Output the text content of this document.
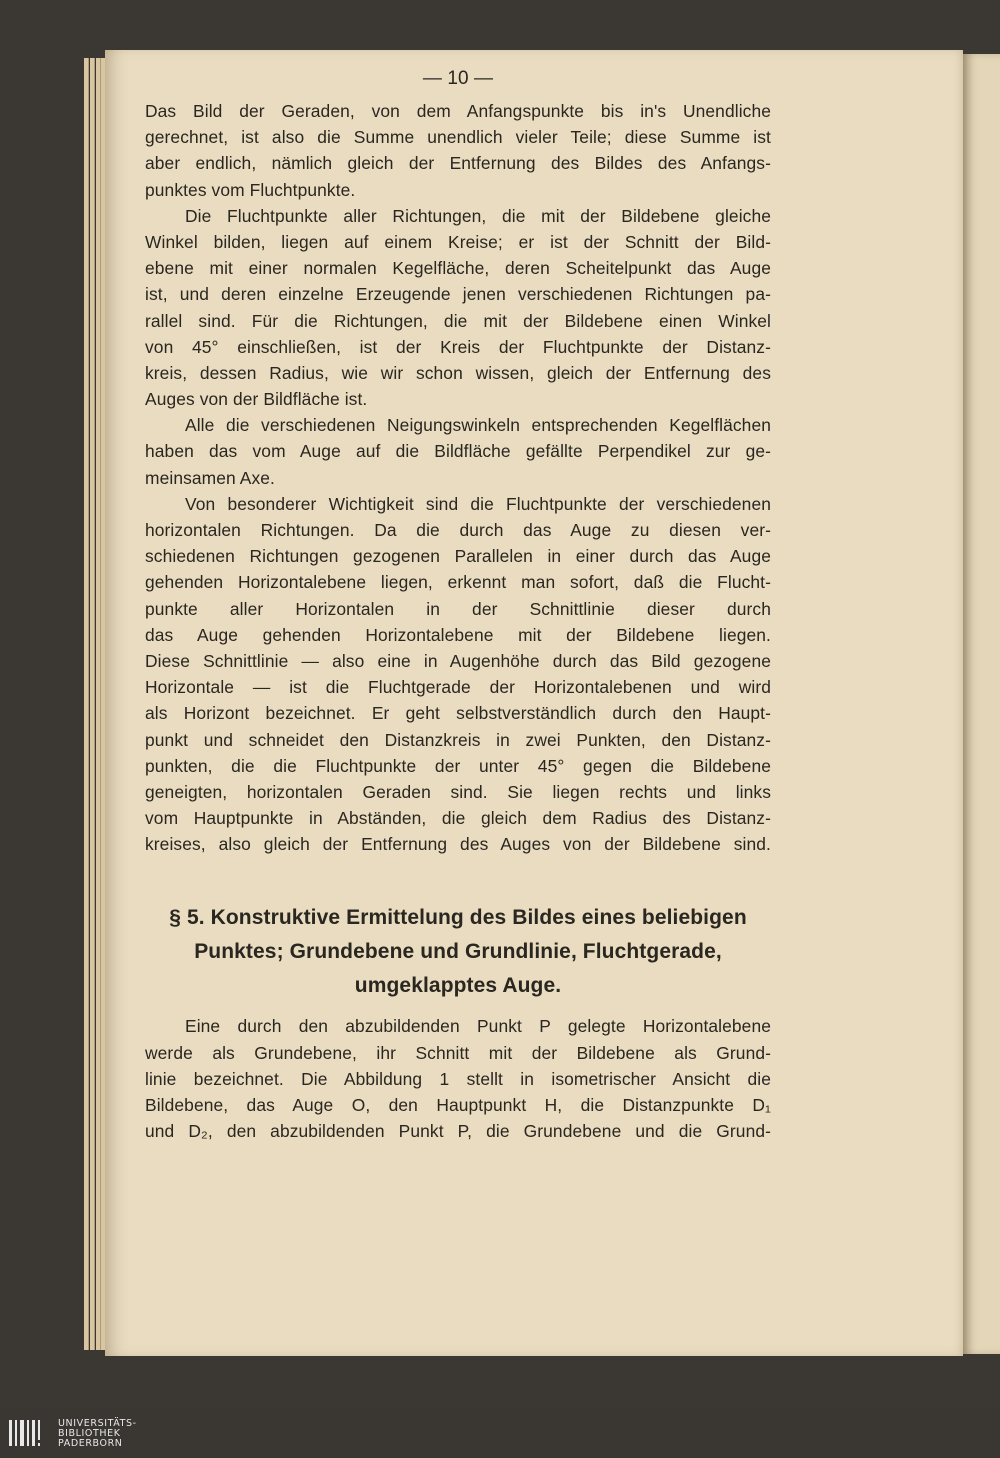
— 10 —
Das Bild der Geraden, von dem Anfangspunkte bis in's Unendliche
gerechnet, ist also die Summe unendlich vieler Teile; diese Summe ist
aber endlich, nämlich gleich der Entfernung des Bildes des Anfangs-
punktes vom Fluchtpunkte.
Die Fluchtpunkte aller Richtungen, die mit der Bildebene gleiche
Winkel bilden, liegen auf einem Kreise; er ist der Schnitt der Bild-
ebene mit einer normalen Kegelfläche, deren Scheitelpunkt das Auge
ist, und deren einzelne Erzeugende jenen verschiedenen Richtungen pa-
rallel sind. Für die Richtungen, die mit der Bildebene einen Winkel
von 45° einschließen, ist der Kreis der Fluchtpunkte der Distanz-
kreis, dessen Radius, wie wir schon wissen, gleich der Entfernung des
Auges von der Bildfläche ist.
Alle die verschiedenen Neigungswinkeln entsprechenden Kegelflächen
haben das vom Auge auf die Bildfläche gefällte Perpendikel zur ge-
meinsamen Axe.
Von besonderer Wichtigkeit sind die Fluchtpunkte der verschiedenen
horizontalen Richtungen. Da die durch das Auge zu diesen ver-
schiedenen Richtungen gezogenen Parallelen in einer durch das Auge
gehenden Horizontalebene liegen, erkennt man sofort, daß die Flucht-
punkte aller Horizontalen in der Schnittlinie dieser durch
das Auge gehenden Horizontalebene mit der Bildebene liegen.
Diese Schnittlinie — also eine in Augenhöhe durch das Bild gezogene
Horizontale — ist die Fluchtgerade der Horizontalebenen und wird
als Horizont bezeichnet. Er geht selbstverständlich durch den Haupt-
punkt und schneidet den Distanzkreis in zwei Punkten, den Distanz-
punkten, die die Fluchtpunkte der unter 45° gegen die Bildebene
geneigten, horizontalen Geraden sind. Sie liegen rechts und links
vom Hauptpunkte in Abständen, die gleich dem Radius des Distanz-
kreises, also gleich der Entfernung des Auges von der Bildebene sind.
§ 5. Konstruktive Ermittelung des Bildes eines beliebigen
Punktes; Grundebene und Grundlinie, Fluchtgerade,
umgeklapptes Auge.
Eine durch den abzubildenden Punkt P gelegte Horizontalebene
werde als Grundebene, ihr Schnitt mit der Bildebene als Grund-
linie bezeichnet. Die Abbildung 1 stellt in isometrischer Ansicht die
Bildebene, das Auge O, den Hauptpunkt H, die Distanzpunkte D₁
und D₂, den abzubildenden Punkt P, die Grundebene und die Grund-
UNIVERSITÄTS-
BIBLIOTHEK
PADERBORN
